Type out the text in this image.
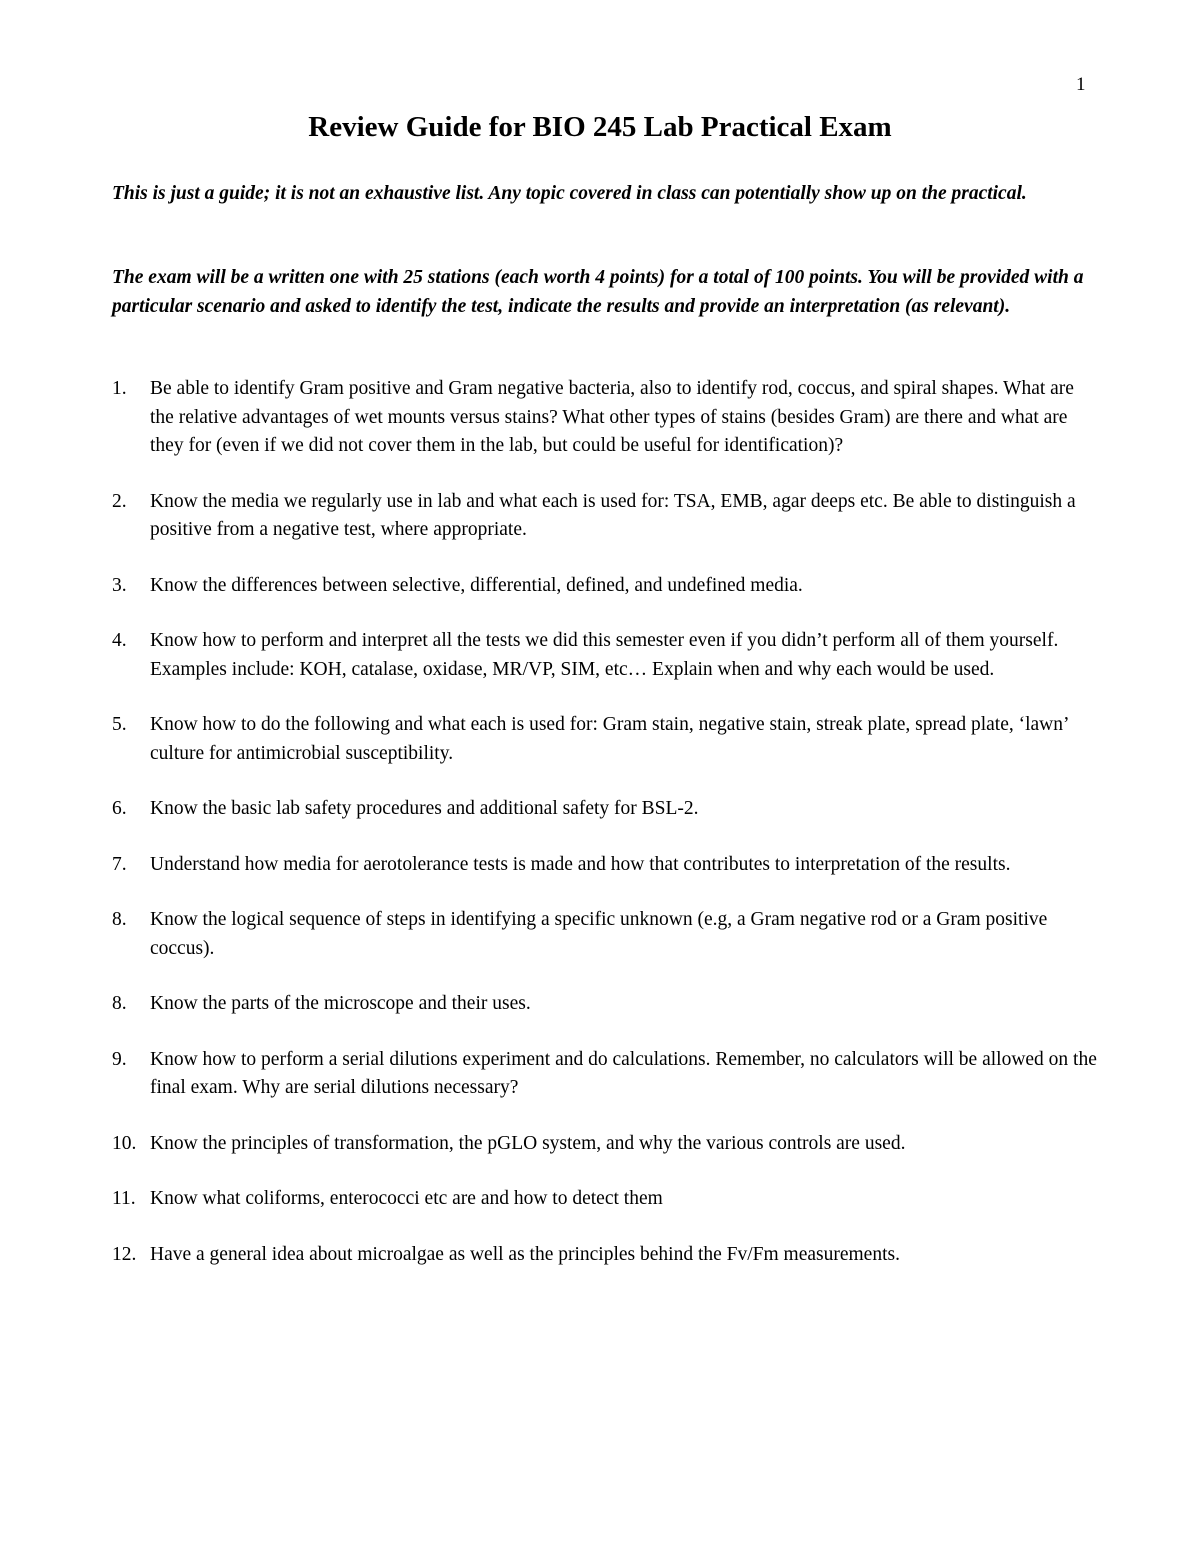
1
Review Guide for BIO 245 Lab Practical Exam
This is just a guide; it is not an exhaustive list. Any topic covered in class can potentially show up on the practical.
The exam will be a written one with 25 stations (each worth 4 points) for a total of 100 points. You will be provided with a particular scenario and asked to identify the test, indicate the results and provide an interpretation (as relevant).
1.	Be able to identify Gram positive and Gram negative bacteria, also to identify rod, coccus, and spiral shapes. What are the relative advantages of wet mounts versus stains? What other types of stains (besides Gram) are there and what are they for (even if we did not cover them in the lab, but could be useful for identification)?
2.	Know the media we regularly use in lab and what each is used for: TSA, EMB, agar deeps etc. Be able to distinguish a positive from a negative test, where appropriate.
3.	Know the differences between selective, differential, defined, and undefined media.
4.	Know how to perform and interpret all the tests we did this semester even if you didn’t perform all of them yourself. Examples include: KOH, catalase, oxidase, MR/VP, SIM, etc… Explain when and why each would be used.
5.	Know how to do the following and what each is used for: Gram stain, negative stain, streak plate, spread plate, ‘lawn’ culture for antimicrobial susceptibility.
6.	Know the basic lab safety procedures and additional safety for BSL-2.
7.	Understand how media for aerotolerance tests is made and how that contributes to interpretation of the results.
8.	Know the logical sequence of steps in identifying a specific unknown (e.g, a Gram negative rod or a Gram positive coccus).
8.	Know the parts of the microscope and their uses.
9.	Know how to perform a serial dilutions experiment and do calculations. Remember, no calculators will be allowed on the final exam. Why are serial dilutions necessary?
10. Know the principles of transformation, the pGLO system, and why the various controls are used.
11. Know what coliforms, enterococci etc are and how to detect them
12. Have a general idea about microalgae as well as the principles behind the Fv/Fm measurements.
